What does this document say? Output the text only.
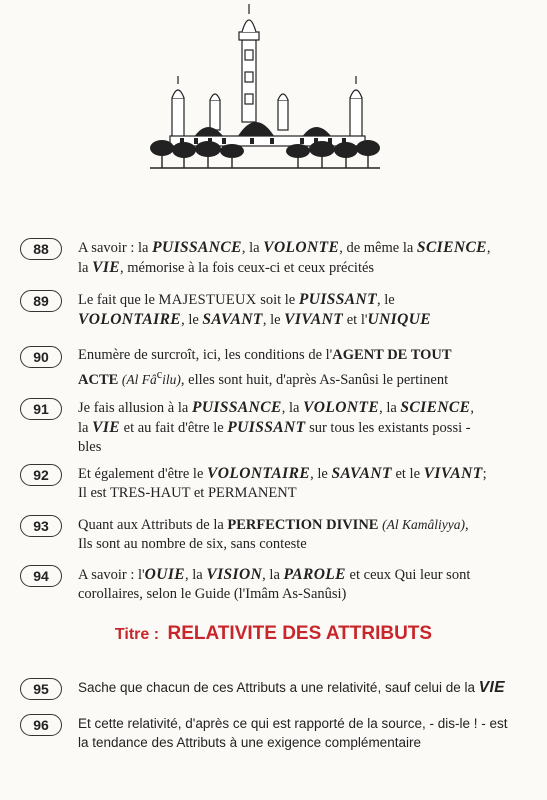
88	A savoir : la PUISSANCE, la VOLONTE, de même la SCIENCE,
la VIE, mémorise à la fois ceux-ci et ceux précités
89	Le fait que le MAJESTUEUX soit le PUISSANT, le
VOLONTAIRE, le SAVANT, le VIVANT et l'UNIQUE
90	Enumère de surcroît, ici, les conditions de l'AGENT DE TOUT
ACTE (Al $Fâ^cilu$), elles sont huit, d'après As-Sanûsi le pertinent
91	Je fais allusion à la PUISSANCE, la VOLONTE, la SCIENCE,
la VIE et au fait d'être le PUISSANT sur tous les existants possi -
bles
92	Et également d'être le VOLONTAIRE, le SAVANT et le VIVANT;
Il est TRES-HAUT et PERMANENT
93	Quant aux Attributs de la PERFECTION DIVINE (Al Kamâliyya),
Ils sont au nombre de six, sans conteste
94	A savoir : l'OUIE, la VISION, la PAROLE et ceux Qui leur sont
corollaires, selon le Guide (l'Imâm As-Sanûsi)
Titre : RELATIVITE DES ATTRIBUTS
95	Sache que chacun de ces Attributs a une relativité, sauf celui de la VIE
96	Et cette relativité, d'après ce qui est rapporté de la source, - dis-le ! - est
la tendance des Attributs à une exigence complémentaire
